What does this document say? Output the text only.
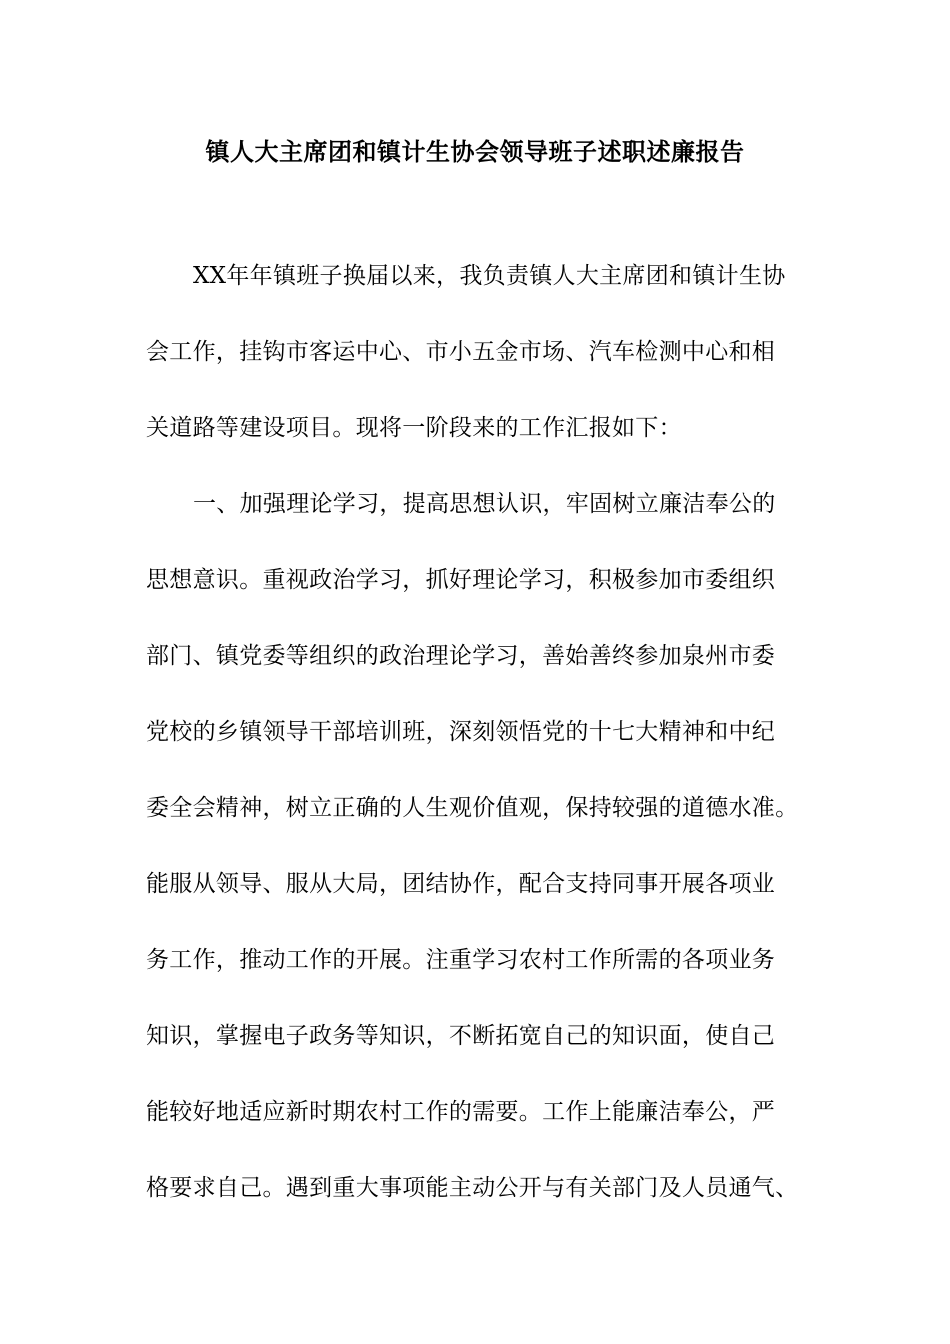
镇人大主席团和镇计生协会领导班子述职述廉报告
XX年年镇班子换届以来，我负责镇人大主席团和镇计生协
会工作，挂钩市客运中心、市小五金市场、汽车检测中心和相
关道路等建设项目。现将一阶段来的工作汇报如下：
一、加强理论学习，提高思想认识，牢固树立廉洁奉公的
思想意识。重视政治学习，抓好理论学习，积极参加市委组织
部门、镇党委等组织的政治理论学习，善始善终参加泉州市委
党校的乡镇领导干部培训班，深刻领悟党的十七大精神和中纪
委全会精神，树立正确的人生观价值观，保持较强的道德水准。
能服从领导、服从大局，团结协作，配合支持同事开展各项业
务工作，推动工作的开展。注重学习农村工作所需的各项业务
知识，掌握电子政务等知识，不断拓宽自己的知识面，使自己
能较好地适应新时期农村工作的需要。工作上能廉洁奉公，严
格要求自己。遇到重大事项能主动公开与有关部门及人员通气、
